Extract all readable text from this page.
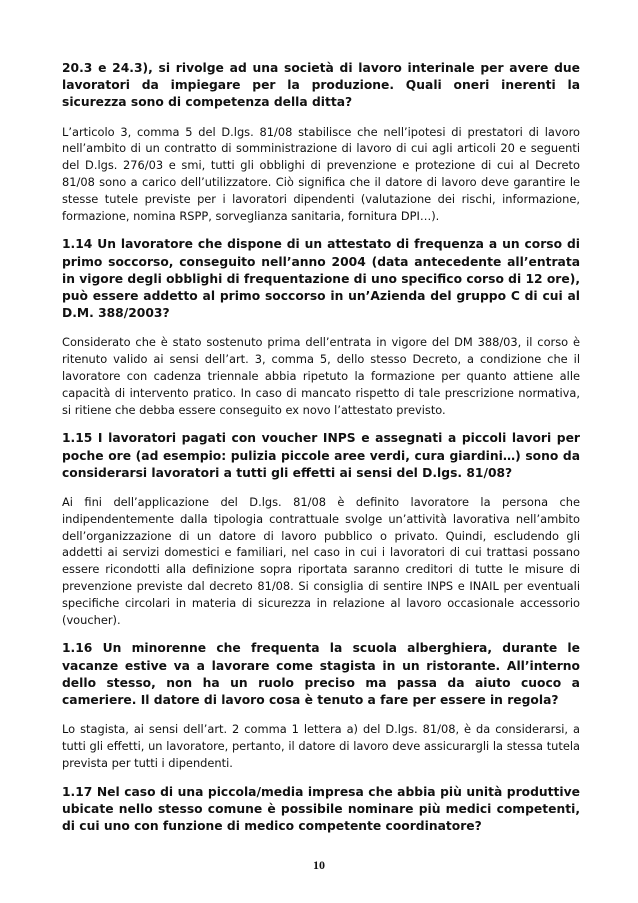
20.3 e 24.3), si rivolge ad una società di lavoro interinale per avere due lavoratori da impiegare per la produzione. Quali oneri inerenti la sicurezza sono di competenza della ditta?

L’articolo 3, comma 5 del D.lgs. 81/08 stabilisce che nell’ipotesi di prestatori di lavoro nell’ambito di un contratto di somministrazione di lavoro di cui agli articoli 20 e seguenti del D.lgs. 276/03 e smi, tutti gli obblighi di prevenzione e protezione di cui al Decreto 81/08 sono a carico dell’utilizzatore. Ciò significa che il datore di lavoro deve garantire le stesse tutele previste per i lavoratori dipendenti (valutazione dei rischi, informazione, formazione, nomina RSPP, sorveglianza sanitaria, fornitura DPI…).

1.14 Un lavoratore che dispone di un attestato di frequenza a un corso di primo soccorso, conseguito nell’anno 2004 (data antecedente all’entrata in vigore degli obblighi di frequentazione di uno specifico corso di 12 ore), può essere addetto al primo soccorso in un’Azienda del gruppo C di cui al D.M. 388/2003?

Considerato che è stato sostenuto prima dell’entrata in vigore del DM 388/03, il corso è ritenuto valido ai sensi dell’art. 3, comma 5, dello stesso Decreto, a condizione che il lavoratore con cadenza triennale abbia ripetuto la formazione per quanto attiene alle capacità di intervento pratico. In caso di mancato rispetto di tale prescrizione normativa, si ritiene che debba essere conseguito ex novo l’attestato previsto.

1.15 I lavoratori pagati con voucher INPS e assegnati a piccoli lavori per poche ore (ad esempio: pulizia piccole aree verdi, cura giardini…) sono da considerarsi lavoratori a tutti gli effetti ai sensi del D.lgs. 81/08?

Ai fini dell’applicazione del D.lgs. 81/08 è definito lavoratore la persona che indipendentemente dalla tipologia contrattuale svolge un’attività lavorativa nell’ambito dell’organizzazione di un datore di lavoro pubblico o privato. Quindi, escludendo gli addetti ai servizi domestici e familiari, nel caso in cui i lavoratori di cui trattasi possano essere ricondotti alla definizione sopra riportata saranno creditori di tutte le misure di prevenzione previste dal decreto 81/08. Si consiglia di sentire INPS e INAIL per eventuali specifiche circolari in materia di sicurezza in relazione al lavoro occasionale accessorio (voucher).

1.16 Un minorenne che frequenta la scuola alberghiera, durante le vacanze estive va a lavorare come stagista in un ristorante. All’interno dello stesso, non ha un ruolo preciso ma passa da aiuto cuoco a cameriere. Il datore di lavoro cosa è tenuto a fare per essere in regola?

Lo stagista, ai sensi dell’art. 2 comma 1 lettera a) del D.lgs. 81/08, è da considerarsi, a tutti gli effetti, un lavoratore, pertanto, il datore di lavoro deve assicurargli la stessa tutela prevista per tutti i dipendenti.

1.17 Nel caso di una piccola/media impresa che abbia più unità produttive ubicate nello stesso comune è possibile nominare più medici competenti, di cui uno con funzione di medico competente coordinatore?

10
